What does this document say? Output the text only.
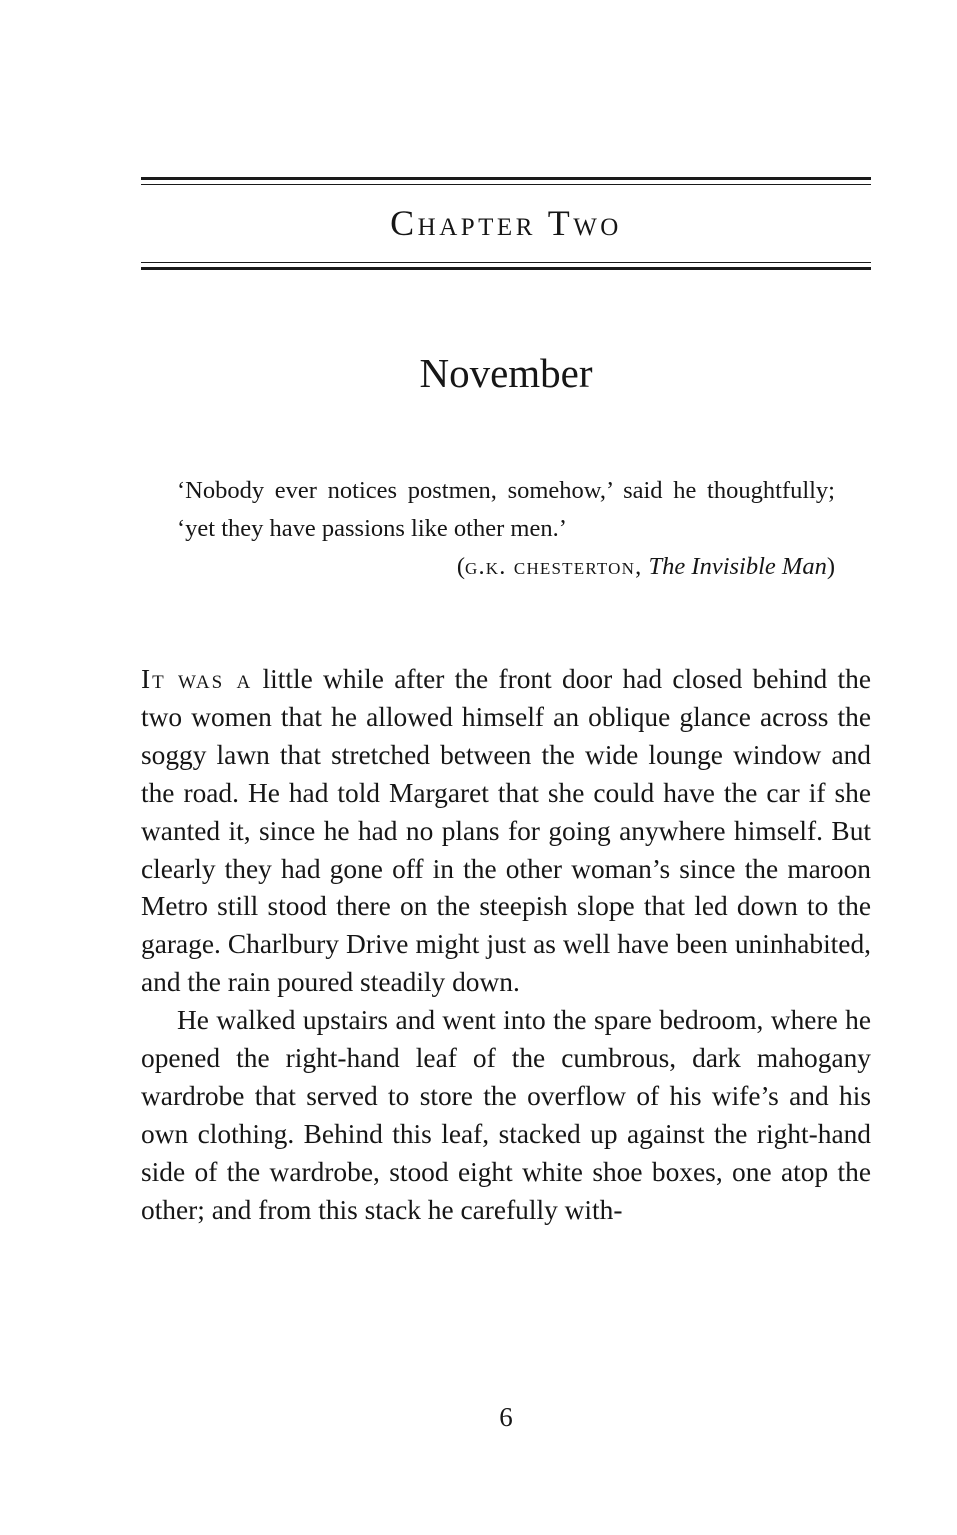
Chapter Two
November

‘Nobody ever notices postmen, somehow,’ said he thoughtfully; ‘yet they have passions like other men.’

(g.k. chesterton, The Invisible Man)

It was a little while after the front door had closed behind the two women that he allowed himself an oblique glance across the soggy lawn that stretched between the wide lounge window and the road. He had told Margaret that she could have the car if she wanted it, since he had no plans for going anywhere himself. But clearly they had gone off in the other woman’s since the maroon Metro still stood there on the steepish slope that led down to the garage. Charlbury Drive might just as well have been uninhabited, and the rain poured steadily down.

He walked upstairs and went into the spare bedroom, where he opened the right-hand leaf of the cumbrous, dark mahogany wardrobe that served to store the overflow of his wife’s and his own clothing. Behind this leaf, stacked up against the right-hand side of the wardrobe, stood eight white shoe boxes, one atop the other; and from this stack he carefully with-

6
